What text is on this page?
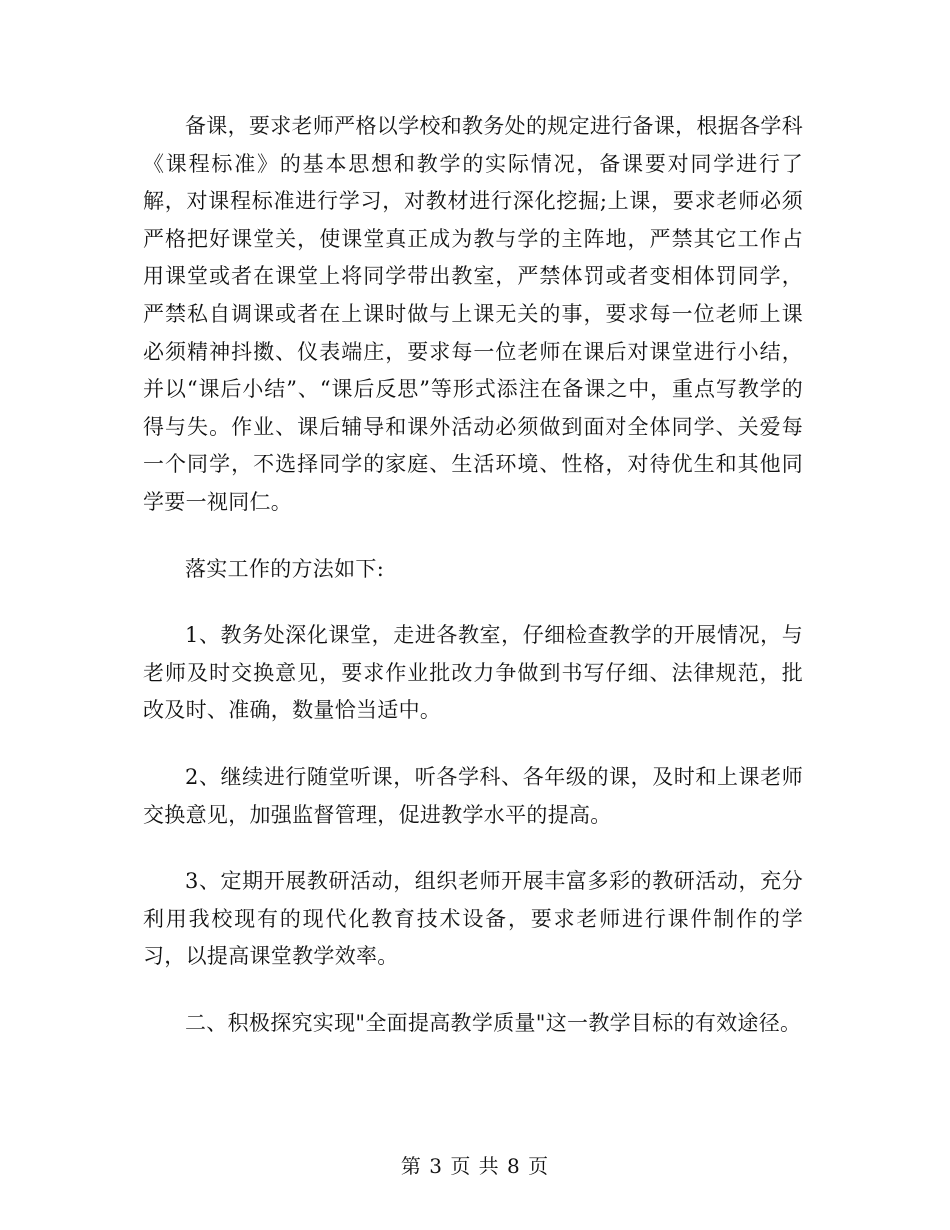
备课，要求老师严格以学校和教务处的规定进行备课，根据各学科《课程标准》的基本思想和教学的实际情况，备课要对同学进行了解，对课程标准进行学习，对教材进行深化挖掘;上课，要求老师必须严格把好课堂关，使课堂真正成为教与学的主阵地，严禁其它工作占用课堂或者在课堂上将同学带出教室，严禁体罚或者变相体罚同学，严禁私自调课或者在上课时做与上课无关的事，要求每一位老师上课必须精神抖擞、仪表端庄，要求每一位老师在课后对课堂进行小结，并以“课后小结”、“课后反思”等形式添注在备课之中，重点写教学的得与失。作业、课后辅导和课外活动必须做到面对全体同学、关爱每一个同学，不选择同学的家庭、生活环境、性格，对待优生和其他同学要一视同仁。

落实工作的方法如下:

1、教务处深化课堂，走进各教室，仔细检查教学的开展情况，与老师及时交换意见，要求作业批改力争做到书写仔细、法律规范，批改及时、准确，数量恰当适中。

2、继续进行随堂听课，听各学科、各年级的课，及时和上课老师交换意见，加强监督管理，促进教学水平的提高。

3、定期开展教研活动，组织老师开展丰富多彩的教研活动，充分利用我校现有的现代化教育技术设备，要求老师进行课件制作的学习，以提高课堂教学效率。

二、积极探究实现"全面提高教学质量"这一教学目标的有效途径。

第 3 页 共 8 页
